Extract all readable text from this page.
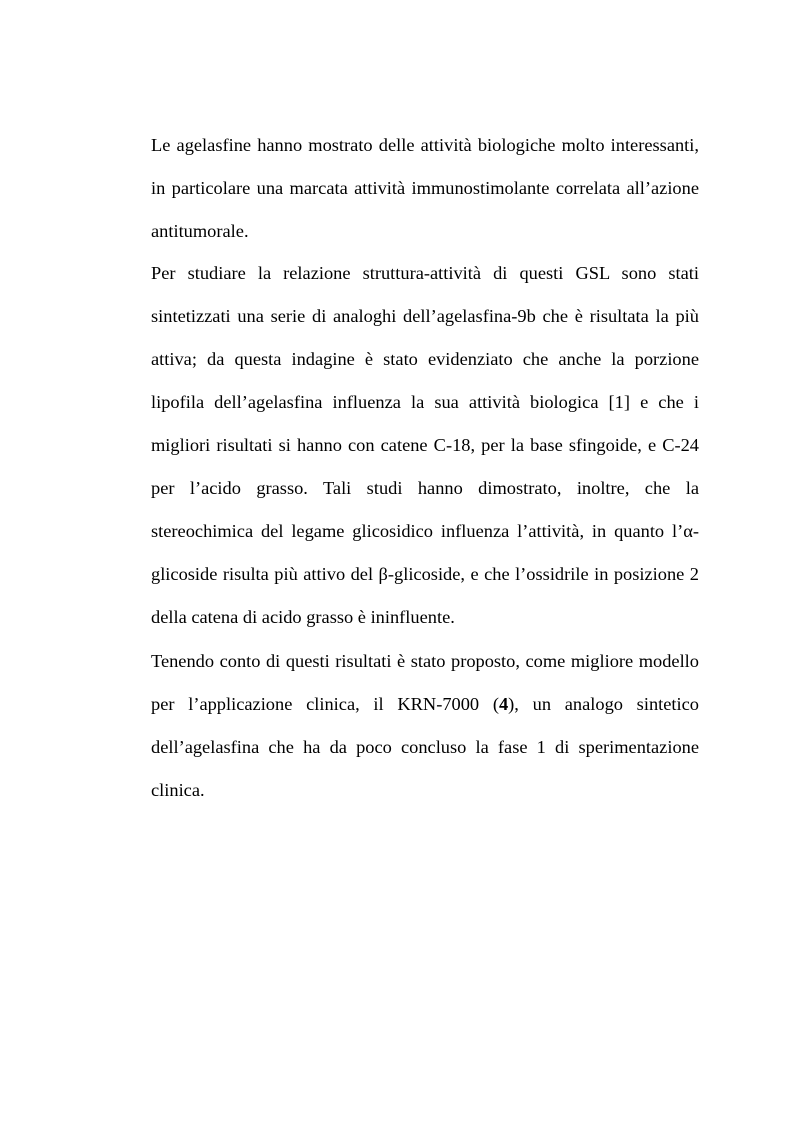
Le agelasfine hanno mostrato delle attività biologiche molto interessanti,

in particolare una marcata attività immunostimolante correlata all’azione

antitumorale.

Per studiare la relazione struttura-attività di questi GSL sono stati

sintetizzati una serie di analoghi dell’agelasfina-9b che è risultata la più

attiva; da questa indagine è stato evidenziato che anche la porzione

lipofila dell’agelasfina influenza la sua attività biologica [1] e che i

migliori risultati si hanno con catene C-18, per la base sfingoide, e C-24

per l’acido grasso. Tali studi hanno dimostrato, inoltre, che la

stereochimica del legame glicosidico influenza l’attività, in quanto l’α-

glicoside risulta più attivo del β-glicoside, e che l’ossidrile in posizione 2

della catena di acido grasso è ininfluente.

Tenendo conto di questi risultati è stato proposto, come migliore modello

per l’applicazione clinica, il KRN-7000 (4), un analogo sintetico

dell’agelasfina che ha da poco concluso la fase 1 di sperimentazione

clinica.
